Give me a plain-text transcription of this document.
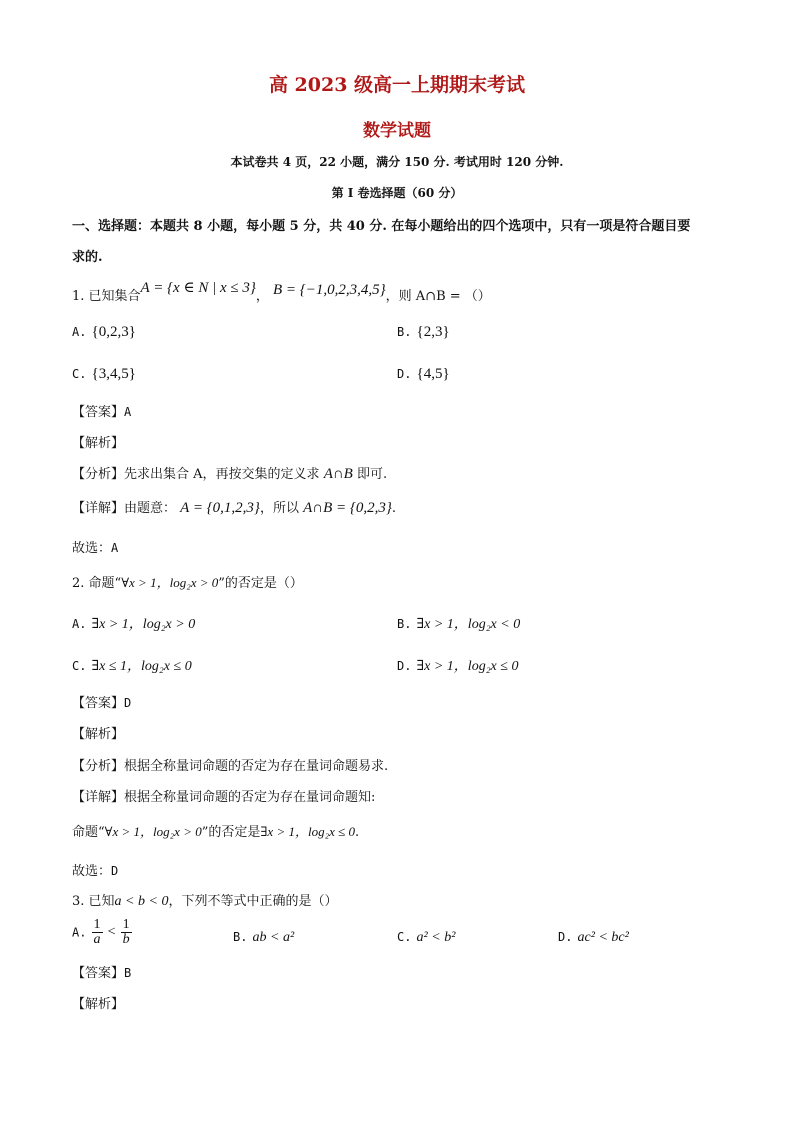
高 2023 级高一上期期末考试
数学试题
本试卷共 4 页，22 小题，满分 150 分. 考试用时 120 分钟.
第 I 卷选择题（60 分）
一、选择题：本题共 8 小题，每小题 5 分，共 40 分. 在每小题给出的四个选项中，只有一项是符合题目要
求的.
1. 已知集合A = {x ∈ N | x ≤ 3}， B = {−1,0,2,3,4,5}，则 A∩B = （）
A. {0,2,3}	B. {2,3}
C. {3,4,5}	D. {4,5}
【答案】A
【解析】
【分析】先求出集合 A，再按交集的定义求 A∩B 即可.
【详解】由题意： A = {0,1,2,3}，所以 A∩B = {0,2,3}.
故选：A
2. 命题“∀x > 1，log₂x > 0”的否定是（）
A. ∃x > 1，log₂x > 0	B. ∃x > 1，log₂x < 0
C. ∃x ≤ 1，log₂x ≤ 0	D. ∃x > 1，log₂x ≤ 0
【答案】D
【解析】
【分析】根据全称量词命题的否定为存在量词命题易求.
【详解】根据全称量词命题的否定为存在量词命题知:
命题“∀x > 1，log₂x > 0”的否定是∃x > 1，log₂x ≤ 0.
故选：D
3. 已知a < b < 0，下列不等式中正确的是（）
A. $\frac{1}{a} < \frac{1}{b}$	B. ab < a²	C. a² < b²	D. ac² < bc²
【答案】B
【解析】
